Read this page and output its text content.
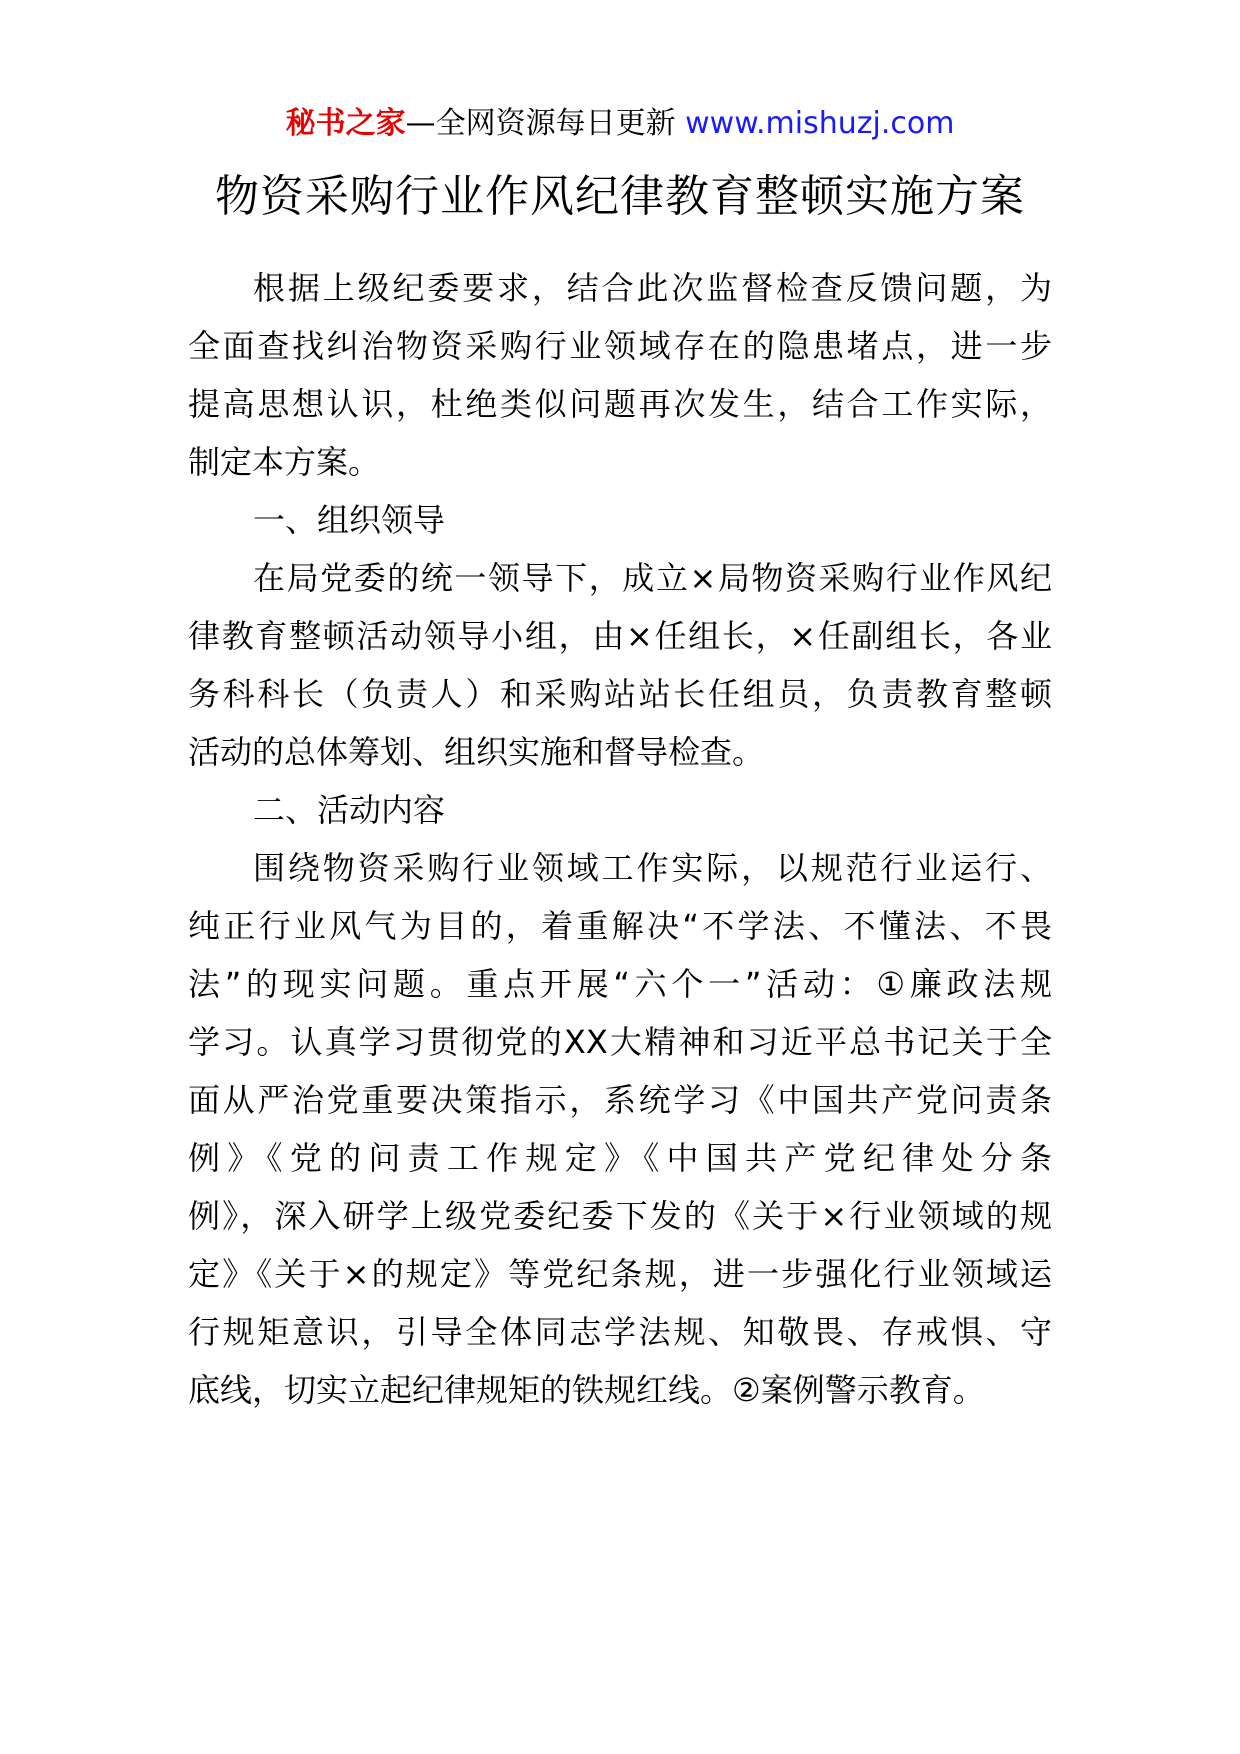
秘书之家—全网资源每日更新 www.mishuzj.com
物资采购行业作风纪律教育整顿实施方案
根据上级纪委要求，结合此次监督检查反馈问题，为
全面查找纠治物资采购行业领域存在的隐患堵点，进一步
提高思想认识，杜绝类似问题再次发生，结合工作实际，
制定本方案。
一、组织领导
在局党委的统一领导下，成立×局物资采购行业作风纪
律教育整顿活动领导小组，由×任组长，×任副组长，各业
务科科长（负责人）和采购站站长任组员，负责教育整顿
活动的总体筹划、组织实施和督导检查。
二、活动内容
围绕物资采购行业领域工作实际，以规范行业运行、
纯正行业风气为目的，着重解决“不学法、不懂法、不畏
法”的现实问题。重点开展“六个一”活动：①廉政法规
学习。认真学习贯彻党的XX大精神和习近平总书记关于全
面从严治党重要决策指示，系统学习《中国共产党问责条
例》《党的问责工作规定》《中国共产党纪律处分条
例》，深入研学上级党委纪委下发的《关于×行业领域的规
定》《关于×的规定》等党纪条规，进一步强化行业领域运
行规矩意识，引导全体同志学法规、知敬畏、存戒惧、守
底线，切实立起纪律规矩的铁规红线。②案例警示教育。
